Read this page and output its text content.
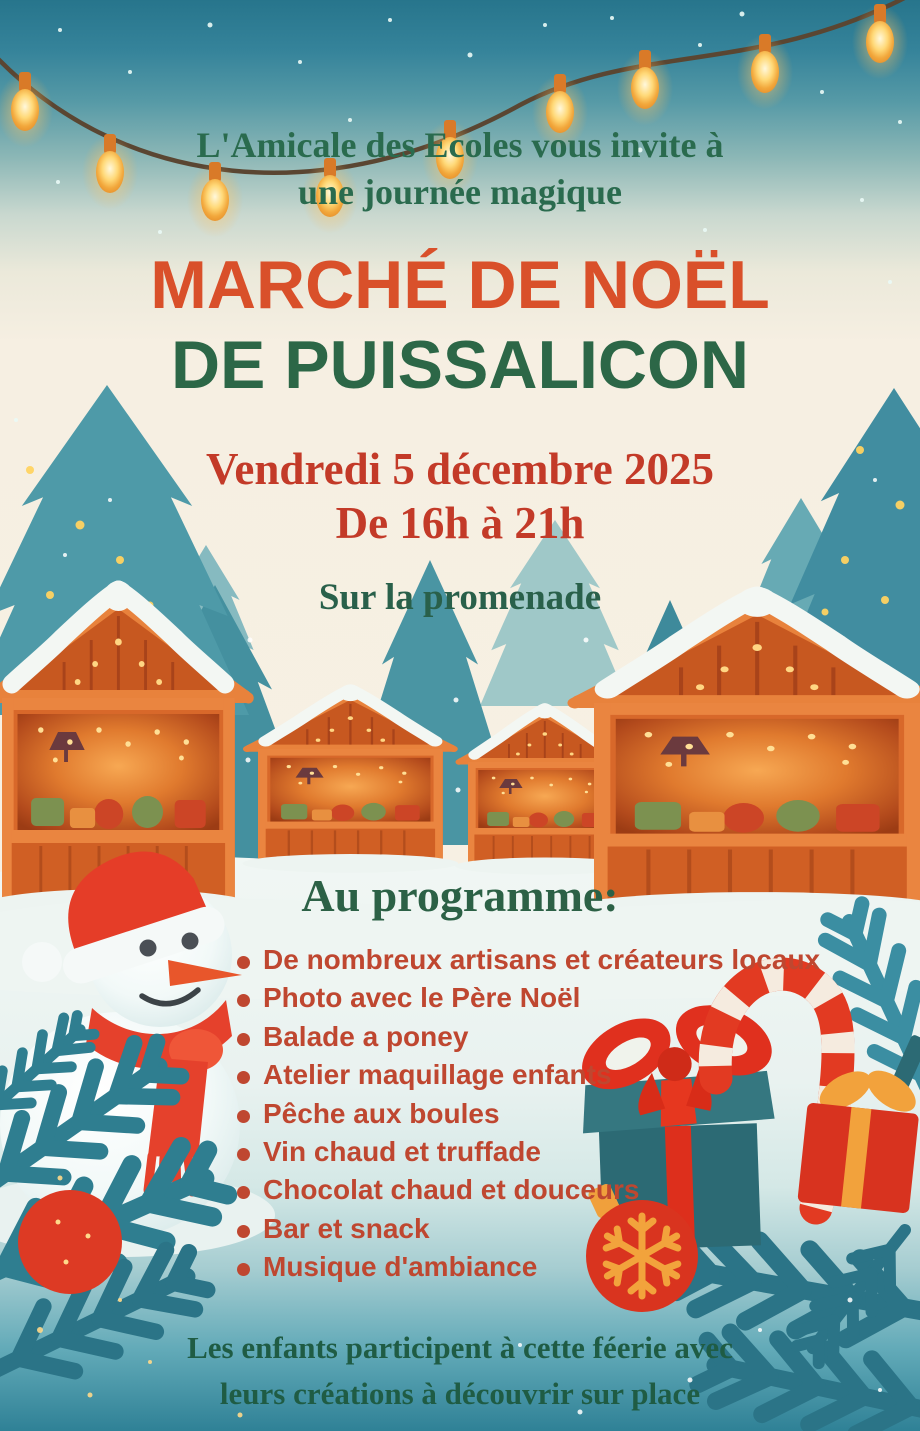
L'Amicale des Ecoles vous invite à
une journée magique
MARCHÉ DE NOËL
DE PUISSALICON
Vendredi 5 décembre 2025
De 16h à 21h
Sur la promenade
Au programme:
De nombreux artisans et créateurs locaux
Photo avec le Père Noël
Balade a poney
Atelier maquillage enfants
Pêche aux boules
Vin chaud et truffade
Chocolat chaud et douceurs
Bar et snack
Musique d'ambiance
Les enfants participent à cette féerie avec
leurs créations à découvrir sur place
